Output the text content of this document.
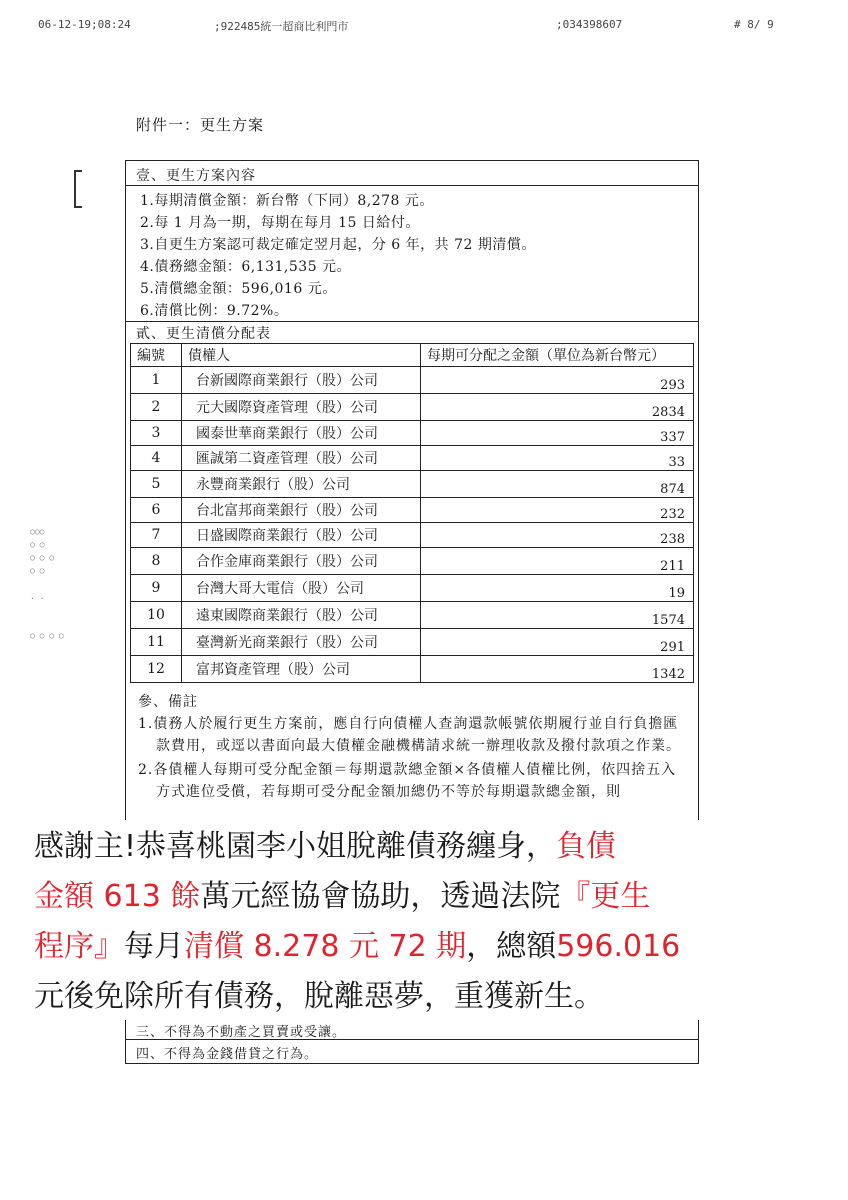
06-12-19;08:24	;922485統一超商比利門市	;034398607	# 8/ 9
附件一：更生方案
○○○
○ ○
○ ○ ○
○ ○

. .

○ ○ ○ ○
壹、更生方案內容
1.每期清償金額：新台幣（下同）8,278 元。
2.每 1 月為一期，每期在每月 15 日給付。
3.自更生方案認可裁定確定翌月起，分 6 年，共 72 期清償。
4.債務總金額：6,131,535 元。
5.清償總金額：596,016 元。
6.清償比例：9.72%。
貳、更生清償分配表
編號	債權人	每期可分配之金額（單位為新台幣元）
1	台新國際商業銀行（股）公司	293
2	元大國際資產管理（股）公司	2834
3	國泰世華商業銀行（股）公司	337
4	匯誠第二資產管理（股）公司	33
5	永豐商業銀行（股）公司	874
6	台北富邦商業銀行（股）公司	232
7	日盛國際商業銀行（股）公司	238
8	合作金庫商業銀行（股）公司	211
9	台灣大哥大電信（股）公司	19
10	遠東國際商業銀行（股）公司	1574
11	臺灣新光商業銀行（股）公司	291
12	富邦資產管理（股）公司	1342
參、備註

1.債務人於履行更生方案前，應自行向債權人查詢還款帳號依期履行並自行負擔匯款費用，或逕以書面向最大債權金融機構請求統一辦理收款及撥付款項之作業。

2.各債權人每期可受分配金額＝每期還款總金額×各債權人債權比例，依四捨五入方式進位受償，若每期可受分配金額加總仍不等於每期還款總金額，則

三、不得為不動產之買賣或受讓。
四、不得為金錢借貸之行為。
感謝主!恭喜桃園李小姐脫離債務纏身，負債
金額 613 餘萬元經協會協助，透過法院『更生
程序』每月清償 8.278 元 72 期，總額596.016
元後免除所有債務，脫離惡夢，重獲新生。
